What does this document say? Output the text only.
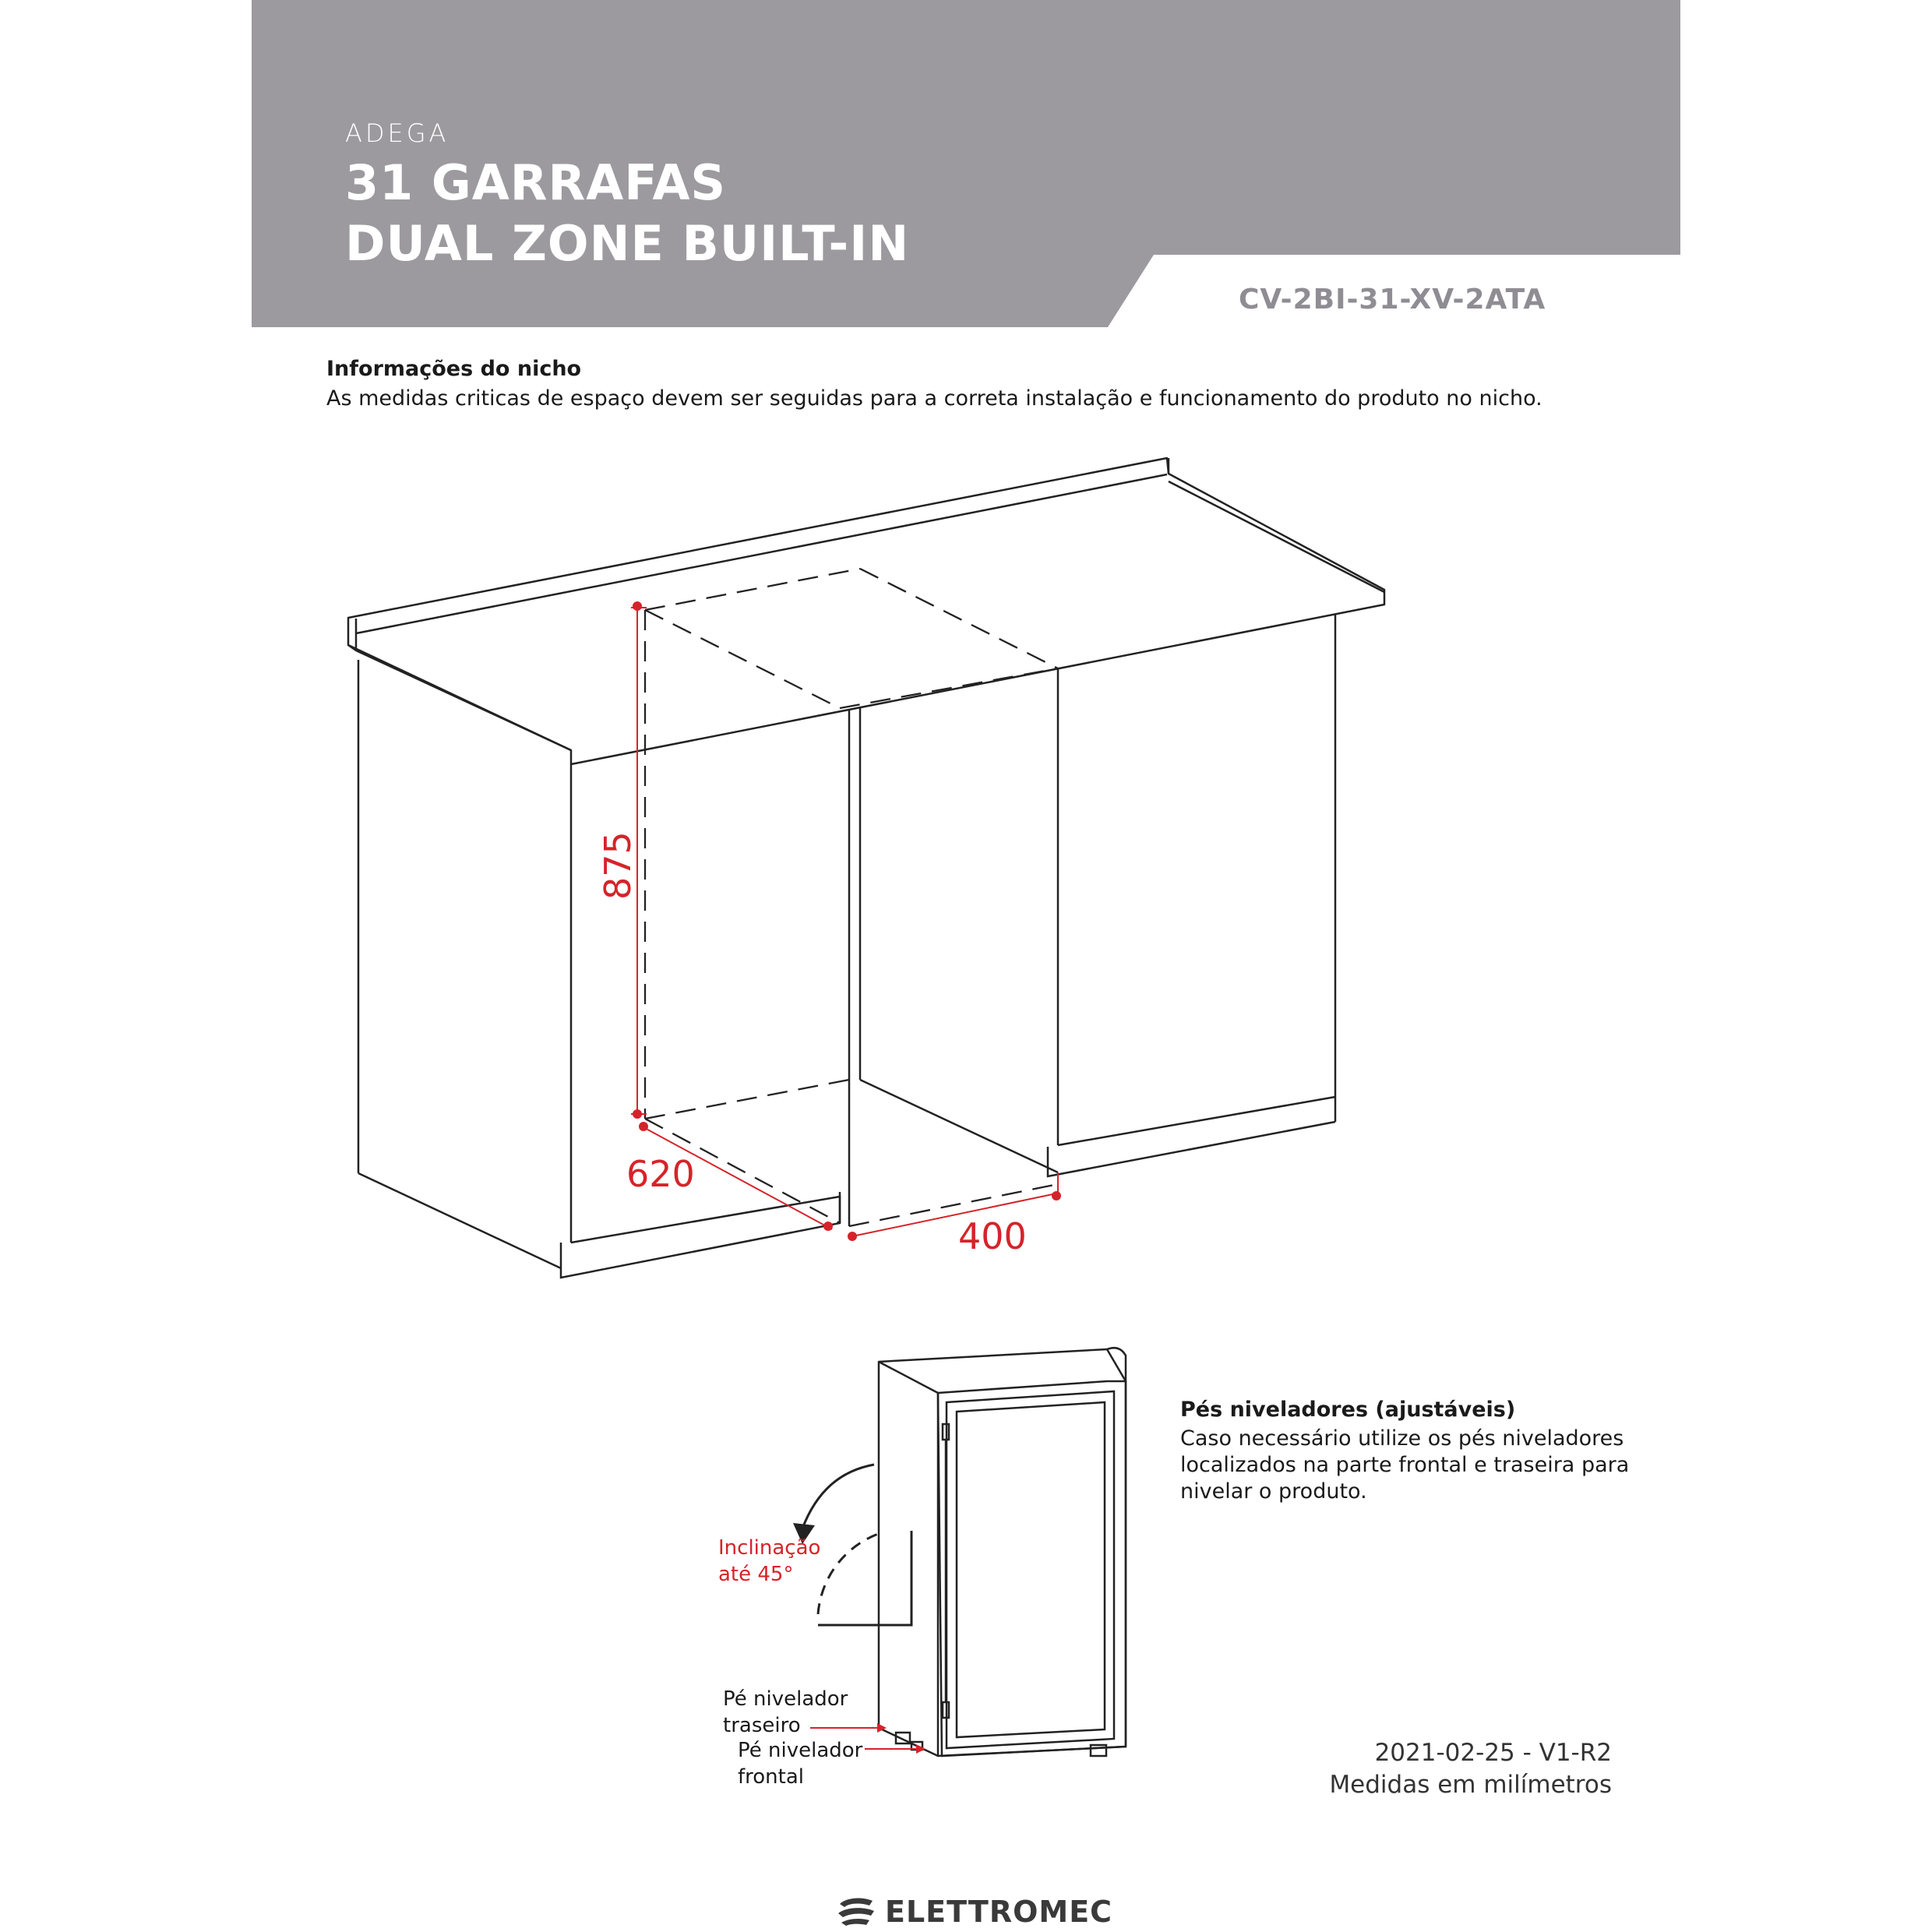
ADEGA
31 GARRAFAS
DUAL ZONE BUILT-IN
CV-2BI-31-XV-2ATA
Informações do nicho
As medidas criticas de espaço devem ser seguidas para a correta instalação e funcionamento do produto no nicho.
875
620
400
Pés niveladores (ajustáveis)
Caso necessário utilize os pés niveladores
localizados na parte frontal e traseira para
nivelar o produto.
Inclinação
até 45°
Pé nivelador
traseiro
Pé nivelador
frontal
2021-02-25 - V1-R2
Medidas em milímetros
ELETTROMEC
